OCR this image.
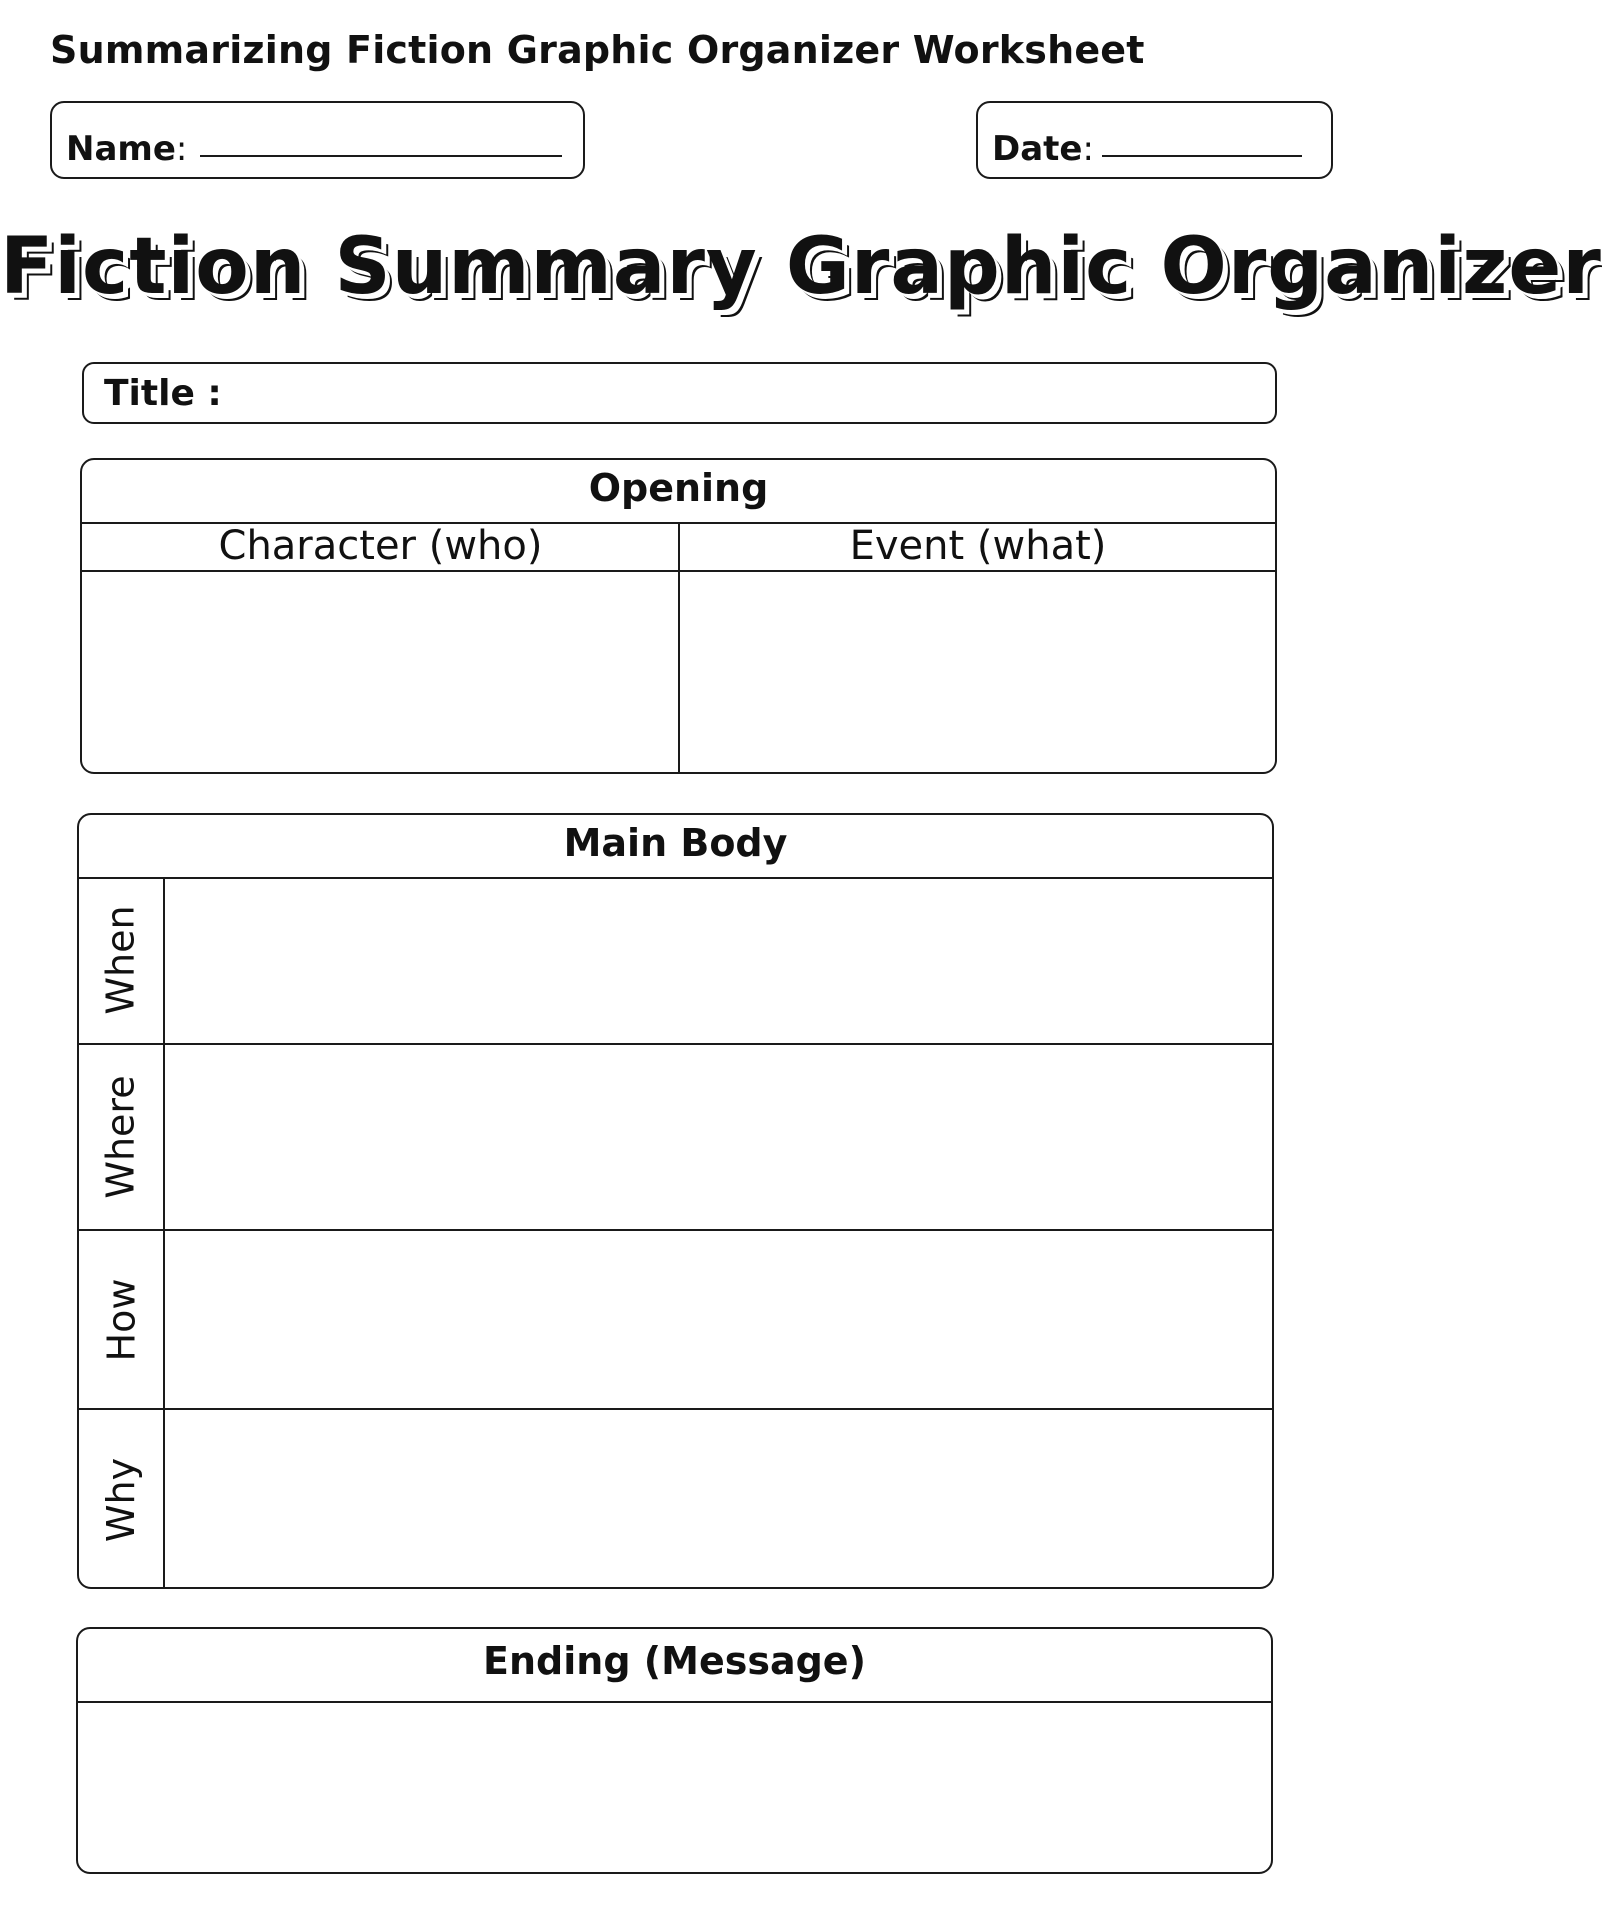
Summarizing Fiction Graphic Organizer Worksheet
Name:	Date:
Fiction Summary Graphic Organizer
Title :
Opening
Character (who)	Event (what)
Main Body
When
Where
How
Why
Ending (Message)
